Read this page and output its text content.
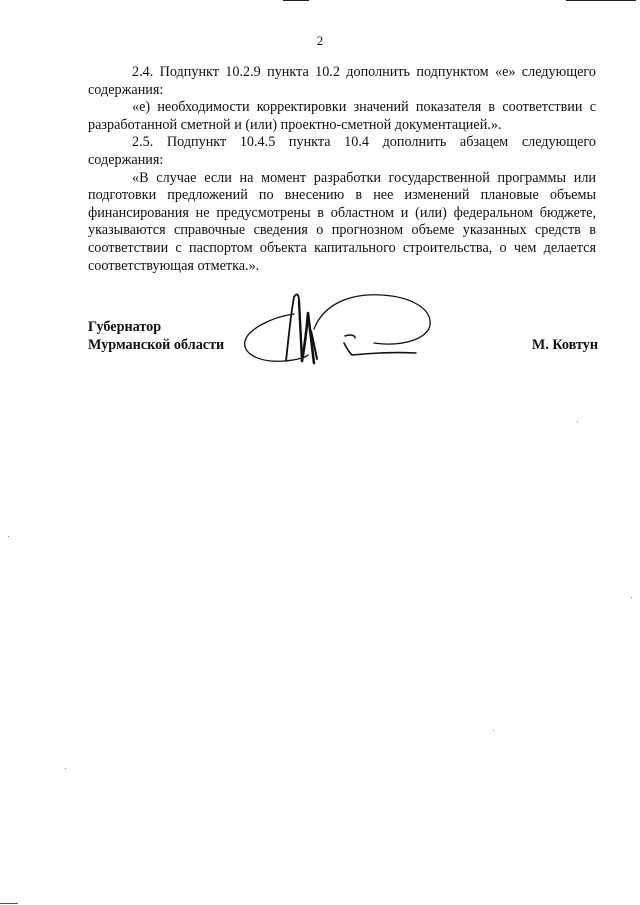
2

2.4. Подпункт 10.2.9 пункта 10.2 дополнить подпунктом «е» следующего содержания:

«е) необходимости корректировки значений показателя в соответствии с разработанной сметной и (или) проектно-сметной документацией.».

2.5. Подпункт 10.4.5 пункта 10.4 дополнить абзацем следующего содержания:

«В случае если на момент разработки государственной программы или подготовки предложений по внесению в нее изменений плановые объемы финансирования не предусмотрены в областном и (или) федеральном бюджете, указываются справочные сведения о прогнозном объеме указанных средств в соответствии с паспортом объекта капитального строительства, о чем делается соответствующая отметка.».

Губернатор
Мурманской области	М. Ковтун
